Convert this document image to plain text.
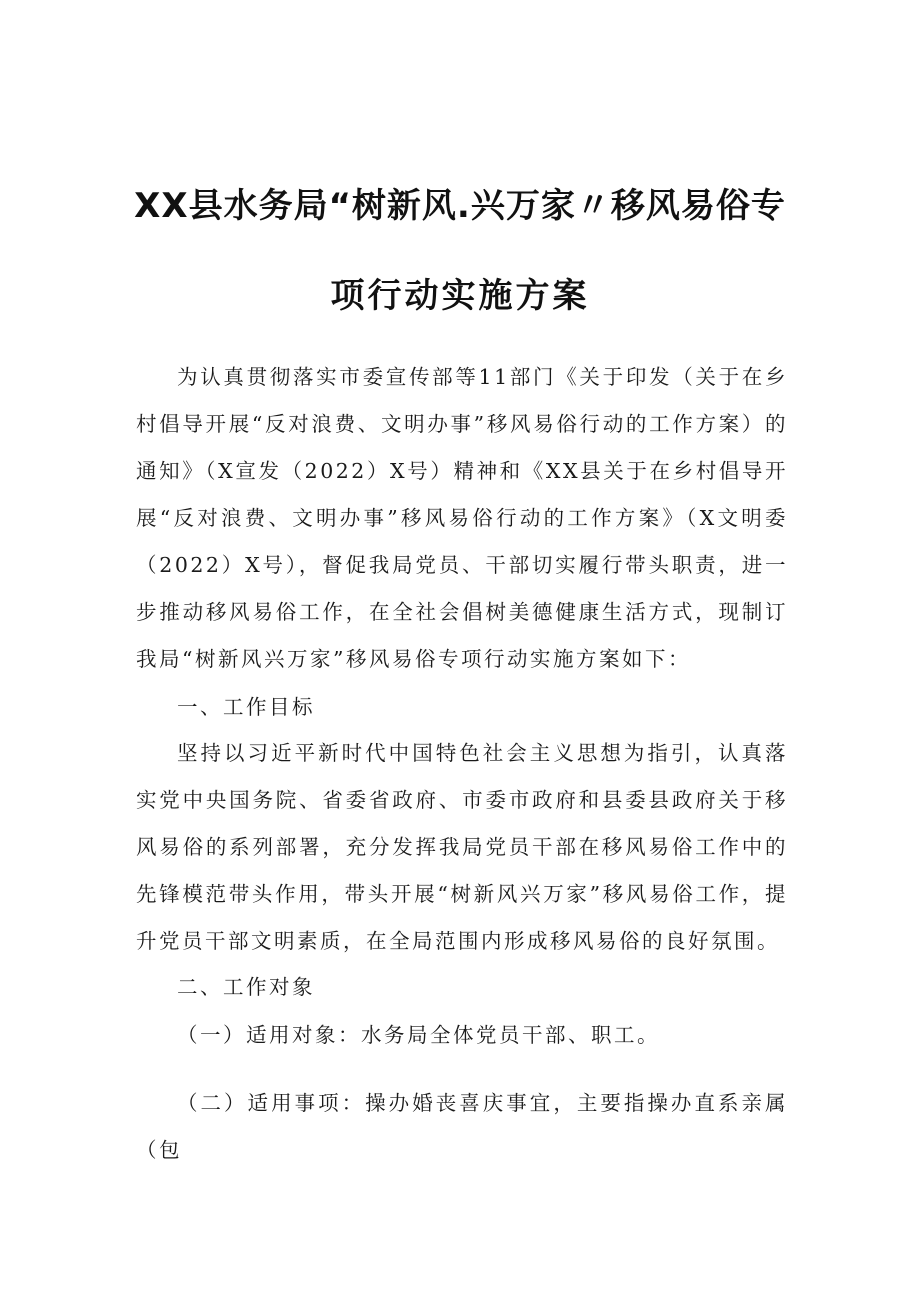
XX县水务局“树新风.兴万家〃移风易俗专
项行动实施方案

为认真贯彻落实市委宣传部等11部门《关于印发（关于在乡村倡导开展“反对浪费、文明办事”移风易俗行动的工作方案）的通知》（X宣发（2022）X号）精神和《XX县关于在乡村倡导开展“反对浪费、文明办事”移风易俗行动的工作方案》（X文明委（2022）X号），督促我局党员、干部切实履行带头职责，进一步推动移风易俗工作，在全社会倡树美德健康生活方式，现制订我局“树新风兴万家”移风易俗专项行动实施方案如下：

一、工作目标

坚持以习近平新时代中国特色社会主义思想为指引，认真落实党中央国务院、省委省政府、市委市政府和县委县政府关于移风易俗的系列部署，充分发挥我局党员干部在移风易俗工作中的先锋模范带头作用，带头开展“树新风兴万家”移风易俗工作，提升党员干部文明素质，在全局范围内形成移风易俗的良好氛围。

二、工作对象

（一）适用对象：水务局全体党员干部、职工。

（二）适用事项：操办婚丧喜庆事宜，主要指操办直系亲属（包
